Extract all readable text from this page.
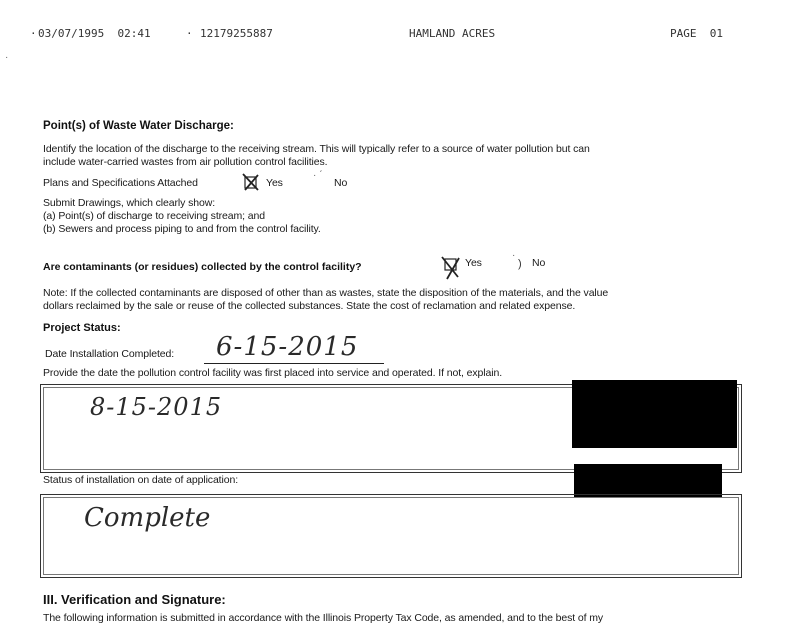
· 03/07/1995  02:41	· 12179255887	HAMLAND ACRES	PAGE  01
·
Point(s) of Waste Water Discharge:
Identify the location of the discharge to the receiving stream. This will typically refer to a source of water pollution but can
include water-carried wastes from air pollution control facilities.
Plans and Specifications Attached	Yes
· ˊ
No
Submit Drawings, which clearly show:
(a) Point(s) of discharge to receiving stream; and
(b) Sewers and process piping to and from the control facility.
Are contaminants (or residues) collected by the control facility?	Yes
·
) No
Note: If the collected contaminants are disposed of other than as wastes, state the disposition of the materials, and the value
dollars reclaimed by the sale or reuse of the collected substances. State the cost of reclamation and related expense.
Project Status:
Date Installation Completed: 6-15-2015
Provide the date the pollution control facility was first placed into service and operated. If not, explain.
8-15-2015
Status of installation on date of application:
Complete
III. Verification and Signature:
The following information is submitted in accordance with the Illinois Property Tax Code, as amended, and to the best of my
